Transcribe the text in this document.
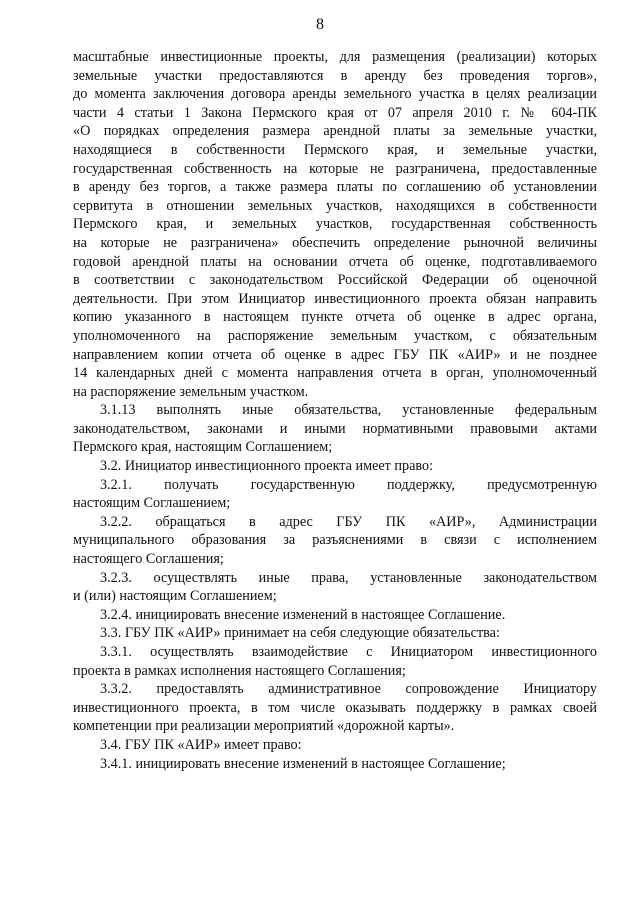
8
масштабные инвестиционные проекты, для размещения (реализации) которых
земельные участки предоставляются в аренду без проведения торгов»,
до момента заключения договора аренды земельного участка в целях реализации
части 4 статьи 1 Закона Пермского края от 07 апреля 2010 г. № 604-ПК
«О порядках определения размера арендной платы за земельные участки,
находящиеся в собственности Пермского края, и земельные участки,
государственная собственность на которые не разграничена, предоставленные
в аренду без торгов, а также размера платы по соглашению об установлении
сервитута в отношении земельных участков, находящихся в собственности
Пермского края, и земельных участков, государственная собственность
на которые не разграничена» обеспечить определение рыночной величины
годовой арендной платы на основании отчета об оценке, подготавливаемого
в соответствии с законодательством Российской Федерации об оценочной
деятельности. При этом Инициатор инвестиционного проекта обязан направить
копию указанного в настоящем пункте отчета об оценке в адрес органа,
уполномоченного на распоряжение земельным участком, с обязательным
направлением копии отчета об оценке в адрес ГБУ ПК «АИР» и не позднее
14 календарных дней с момента направления отчета в орган, уполномоченный
на распоряжение земельным участком.
3.1.13 выполнять иные обязательства, установленные федеральным
законодательством, законами и иными нормативными правовыми актами
Пермского края, настоящим Соглашением;
3.2. Инициатор инвестиционного проекта имеет право:
3.2.1. получать государственную поддержку, предусмотренную
настоящим Соглашением;
3.2.2. обращаться в адрес ГБУ ПК «АИР», Администрации
муниципального образования за разъяснениями в связи с исполнением
настоящего Соглашения;
3.2.3. осуществлять иные права, установленные законодательством
и (или) настоящим Соглашением;
3.2.4. инициировать внесение изменений в настоящее Соглашение.
3.3. ГБУ ПК «АИР» принимает на себя следующие обязательства:
3.3.1. осуществлять взаимодействие с Инициатором инвестиционного
проекта в рамках исполнения настоящего Соглашения;
3.3.2. предоставлять административное сопровождение Инициатору
инвестиционного проекта, в том числе оказывать поддержку в рамках своей
компетенции при реализации мероприятий «дорожной карты».
3.4. ГБУ ПК «АИР» имеет право:
3.4.1. инициировать внесение изменений в настоящее Соглашение;
